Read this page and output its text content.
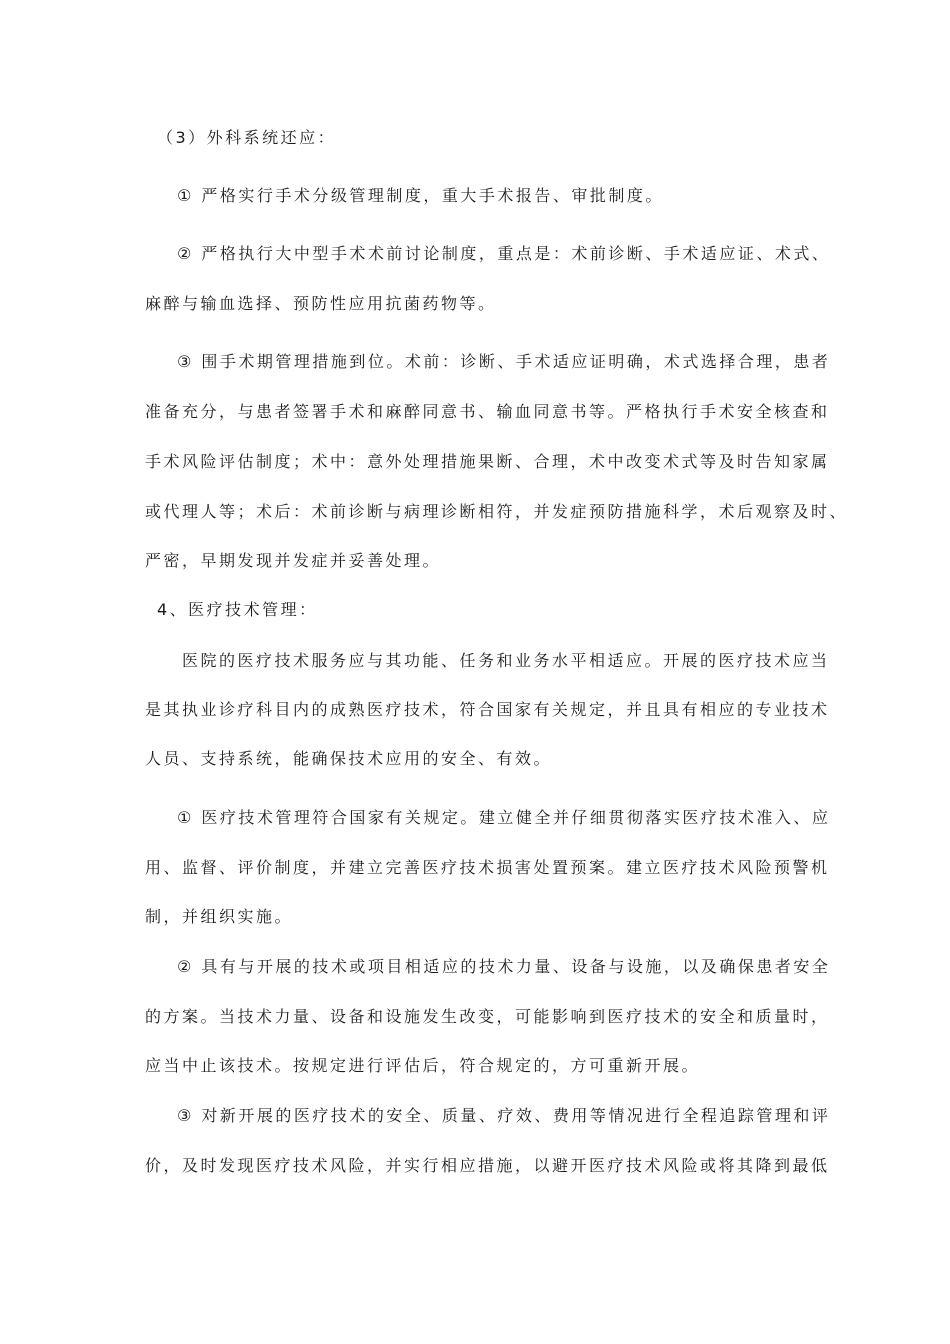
（3）外科系统还应：
① 严格实行手术分级管理制度，重大手术报告、审批制度。
② 严格执行大中型手术术前讨论制度，重点是：术前诊断、手术适应证、术式、
麻醉与输血选择、预防性应用抗菌药物等。
③ 围手术期管理措施到位。术前：诊断、手术适应证明确，术式选择合理，患者
准备充分，与患者签署手术和麻醉同意书、输血同意书等。严格执行手术安全核查和
手术风险评估制度；术中：意外处理措施果断、合理，术中改变术式等及时告知家属
或代理人等；术后：术前诊断与病理诊断相符，并发症预防措施科学，术后观察及时、
严密，早期发现并发症并妥善处理。
4、医疗技术管理：
医院的医疗技术服务应与其功能、任务和业务水平相适应。开展的医疗技术应当
是其执业诊疗科目内的成熟医疗技术，符合国家有关规定，并且具有相应的专业技术
人员、支持系统，能确保技术应用的安全、有效。
① 医疗技术管理符合国家有关规定。建立健全并仔细贯彻落实医疗技术准入、应
用、监督、评价制度，并建立完善医疗技术损害处置预案。建立医疗技术风险预警机
制，并组织实施。
② 具有与开展的技术或项目相适应的技术力量、设备与设施，以及确保患者安全
的方案。当技术力量、设备和设施发生改变，可能影响到医疗技术的安全和质量时，
应当中止该技术。按规定进行评估后，符合规定的，方可重新开展。
③ 对新开展的医疗技术的安全、质量、疗效、费用等情况进行全程追踪管理和评
价，及时发现医疗技术风险，并实行相应措施，以避开医疗技术风险或将其降到最低
